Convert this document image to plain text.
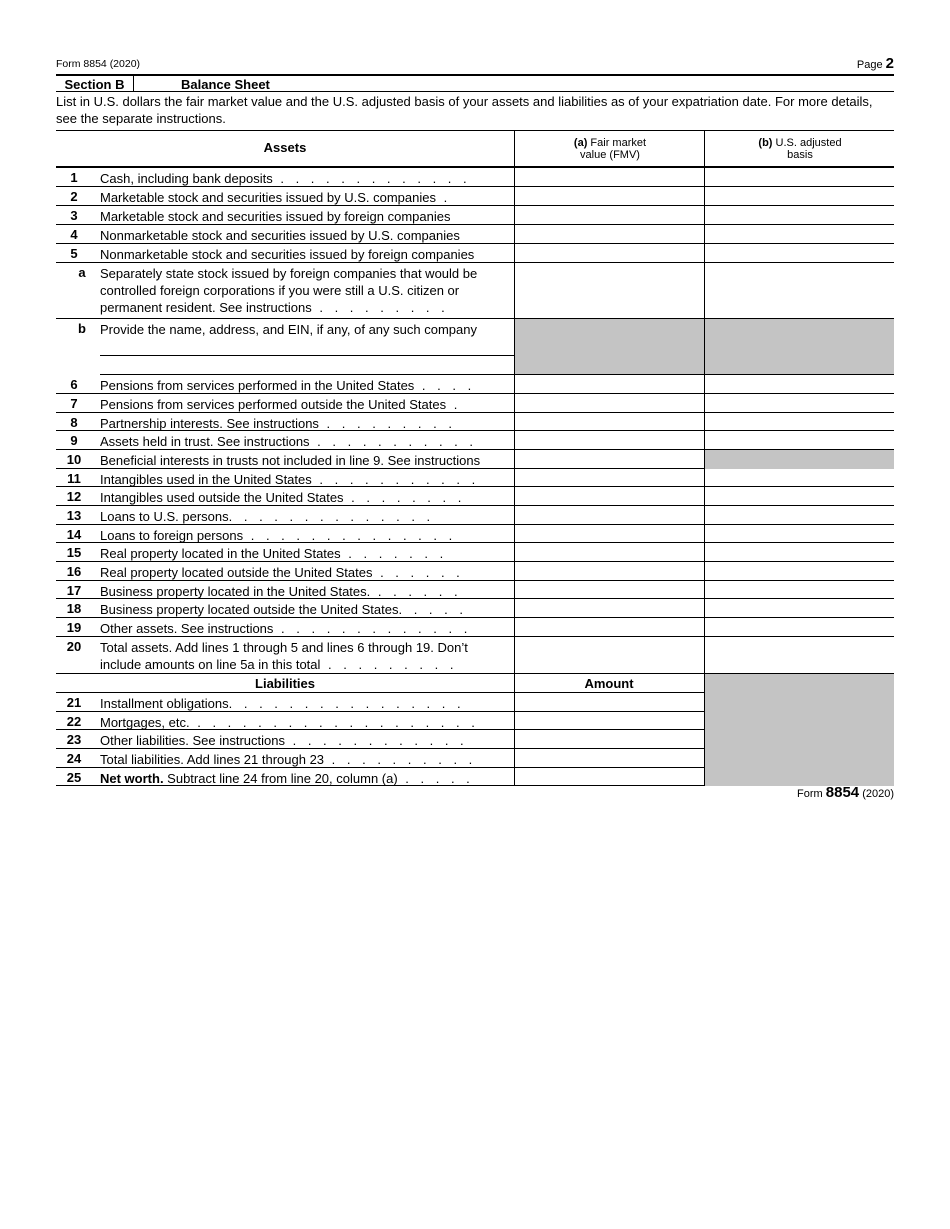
Form 8854 (2020)	Page 2
Section B	Balance Sheet
List in U.S. dollars the fair market value and the U.S. adjusted basis of your assets and liabilities as of your expatriation date. For more details, see the separate instructions.
Assets	(a) Fair market
value (FMV)
(b) U.S. adjusted
basis
1	Cash, including bank deposits . . . . . . . . . . . . .
2	Marketable stock and securities issued by U.S. companies .
3	Marketable stock and securities issued by foreign companies
4	Nonmarketable stock and securities issued by U.S. companies
5	Nonmarketable stock and securities issued by foreign companies
a	Separately state stock issued by foreign companies that would be controlled foreign corporations if you were still a U.S. citizen or permanent resident. See instructions . . . . . . . . .
b	Provide the name, address, and EIN, if any, of any such company
6	Pensions from services performed in the United States . . . .
7	Pensions from services performed outside the United States .
8	Partnership interests. See instructions . . . . . . . . .
9	Assets held in trust. See instructions . . . . . . . . . . .
10	Beneficial interests in trusts not included in line 9. See instructions
11	Intangibles used in the United States . . . . . . . . . . .
12	Intangibles used outside the United States . . . . . . . .
13	Loans to U.S. persons. . . . . . . . . . . . . .
14	Loans to foreign persons . . . . . . . . . . . . . .
15	Real property located in the United States . . . . . . .
16	Real property located outside the United States . . . . . .
17	Business property located in the United States. . . . . . .
18	Business property located outside the United States. . . . .
19	Other assets. See instructions . . . . . . . . . . . . .
20	Total assets. Add lines 1 through 5 and lines 6 through 19. Don’t include amounts on line 5a in this total . . . . . . . . .
Liabilities	Amount
21	Installment obligations. . . . . . . . . . . . . . . .
22	Mortgages, etc. . . . . . . . . . . . . . . . . . . .
23	Other liabilities. See instructions . . . . . . . . . . . .
24	Total liabilities. Add lines 21 through 23 . . . . . . . . . .
25	Net worth. Subtract line 24 from line 20, column (a) . . . . .
Form 8854 (2020)
